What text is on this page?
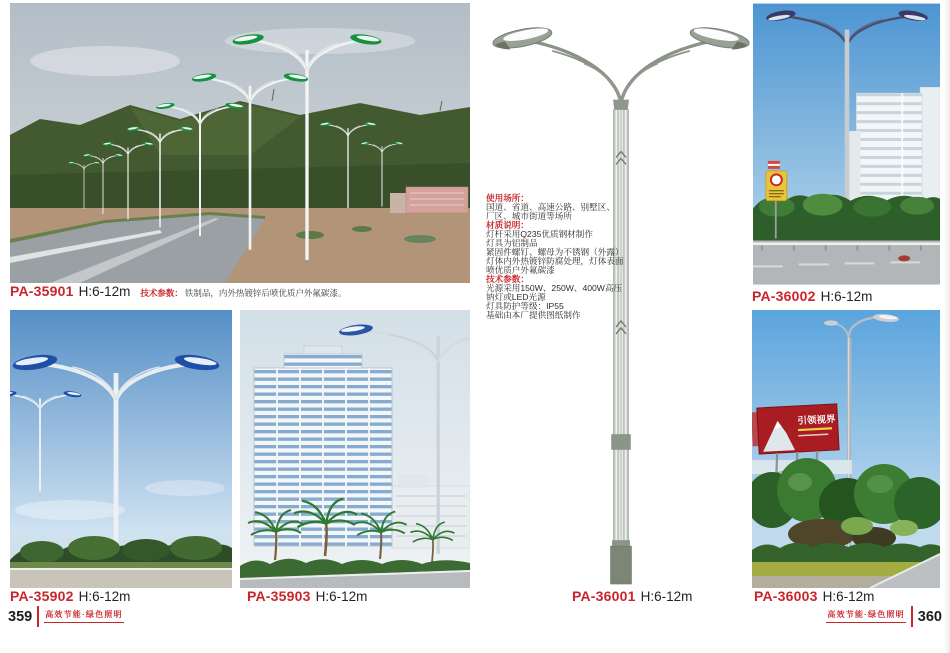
PA-35901 H:6-12m 技术参数： 铁制品，内外热镀锌后喷优质户外氟碳漆。
使用场所：
国道、省道、高速公路、别墅区、
厂区、城市街道等场所
材质说明：
灯杆采用Q235优质钢材制作
灯具为铝制品
紧固件螺钉、螺母为不锈钢（外露）
灯体内外热镀锌防腐处理，灯体表面
喷优质户外氟碳漆
技术参数：
光源采用150W、250W、400W高压
钠灯或LED光源
灯具防护等级：IP55
基础由本厂提供图纸制作
PA-36002 H:6-12m
引领视界
PA-35902 H:6-12m	PA-35903 H:6-12m	PA-36001 H:6-12m	PA-36003 H:6-12m
359 高效节能·绿色照明	高效节能·绿色照明 360
